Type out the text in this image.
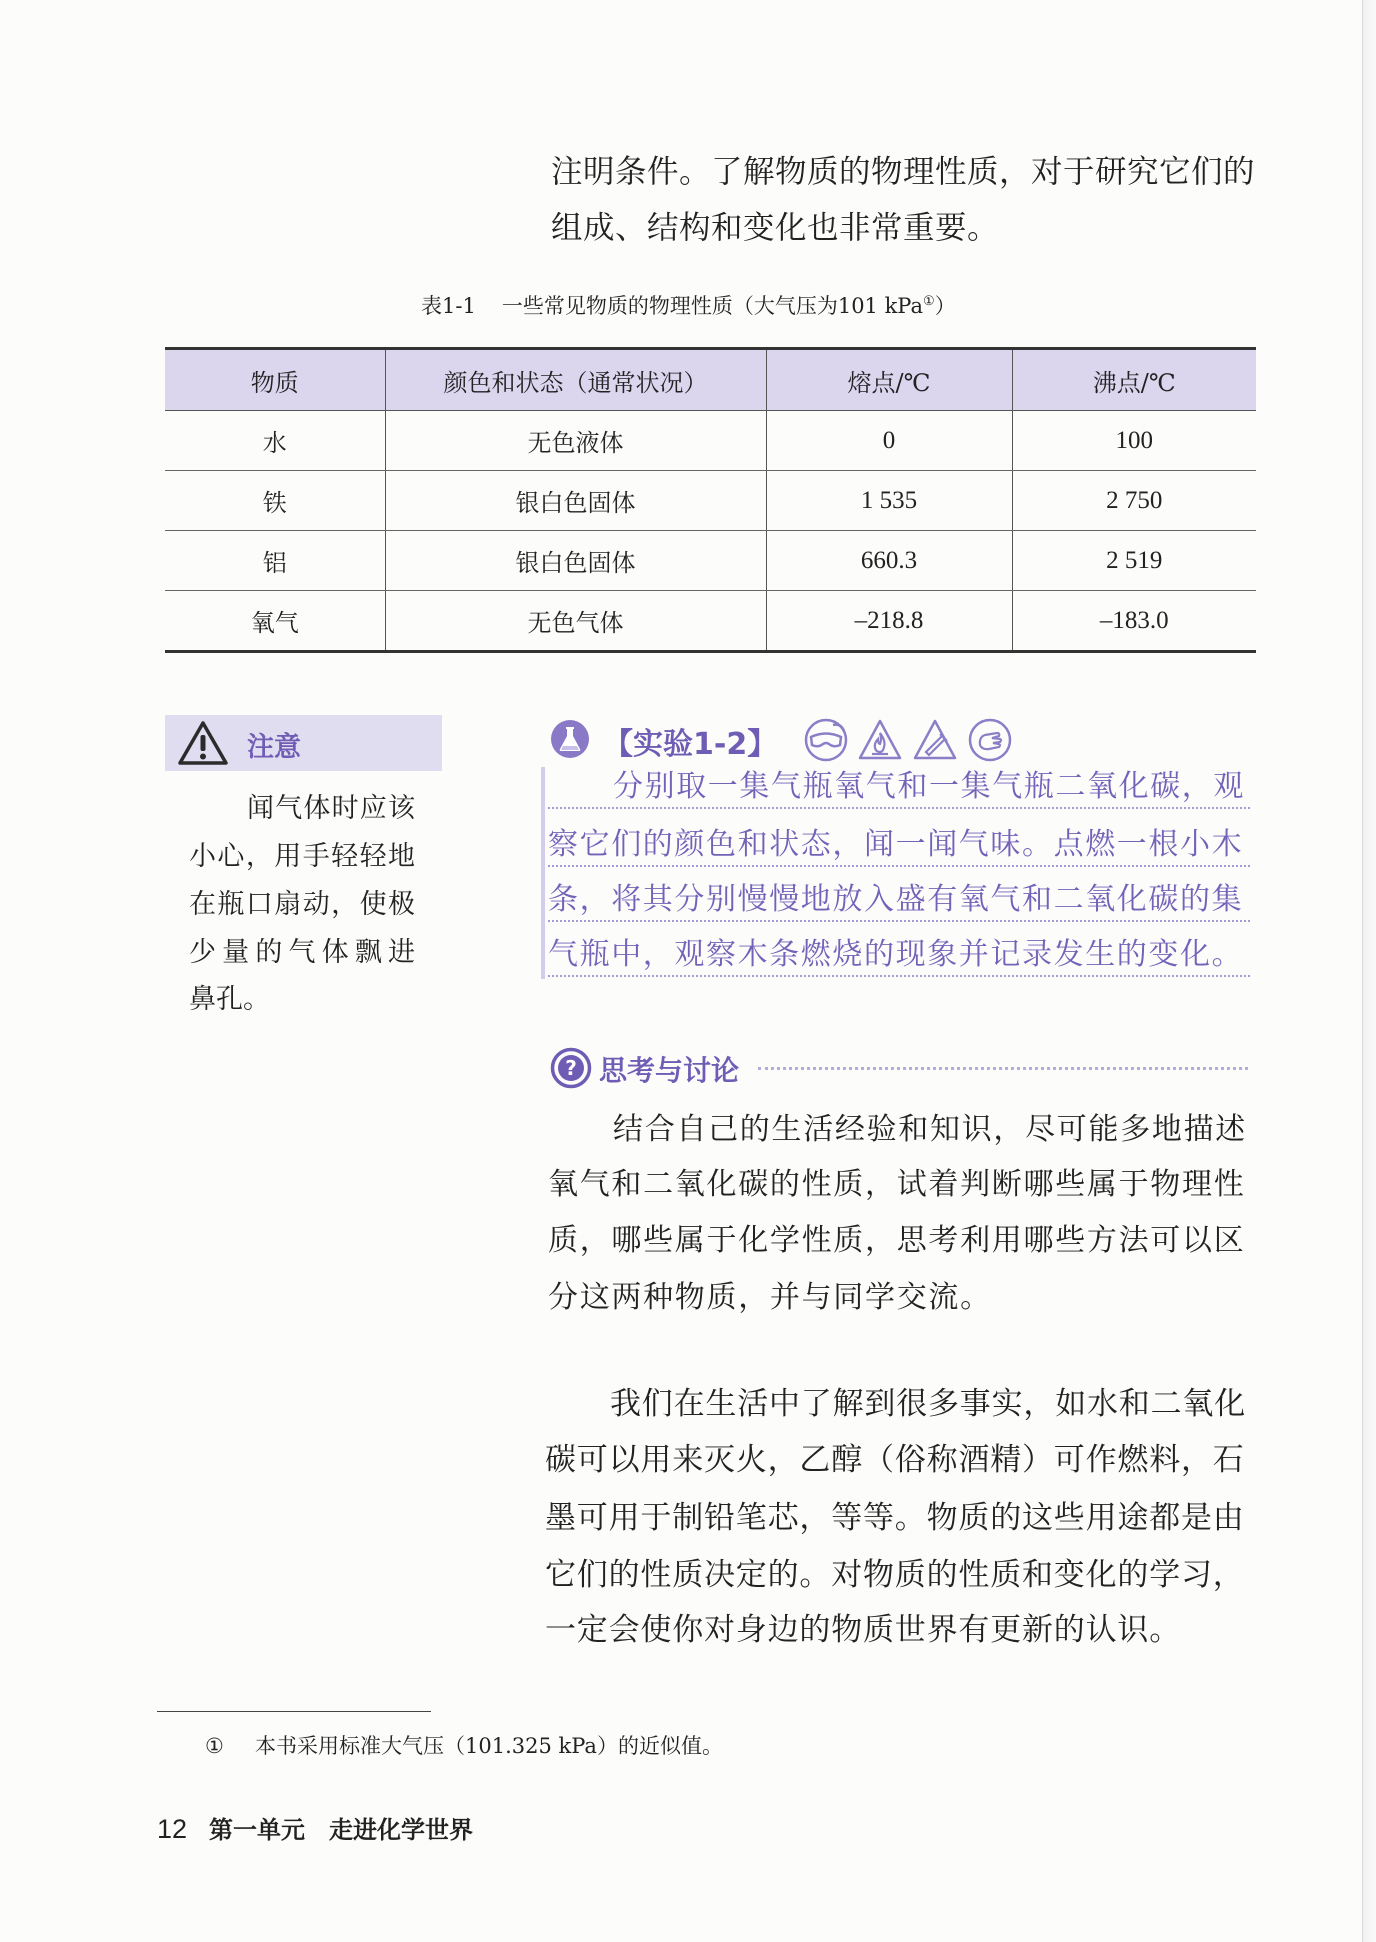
注明条件。了解物质的物理性质，对于研究它们的
组成、结构和变化也非常重要。
表1-1 一些常见物质的物理性质（大气压为101 kPa①）
物质	颜色和状态（通常状况）	熔点/℃	沸点/℃
水	无色液体	0	100
铁	银白色固体	1 535	2 750
铝	银白色固体	660.3	2 519
氧气	无色气体	–218.8	–183.0
注意
闻气体时应该
小心，用手轻轻地
在瓶口扇动，使极
少量的气体飘进
鼻孔。
【实验1-2】
分别取一集气瓶氧气和一集气瓶二氧化碳，观
察它们的颜色和状态，闻一闻气味。点燃一根小木
条，将其分别慢慢地放入盛有氧气和二氧化碳的集
气瓶中，观察木条燃烧的现象并记录发生的变化。
? 思考与讨论
结合自己的生活经验和知识，尽可能多地描述
氧气和二氧化碳的性质，试着判断哪些属于物理性
质，哪些属于化学性质，思考利用哪些方法可以区
分这两种物质，并与同学交流。
我们在生活中了解到很多事实，如水和二氧化
碳可以用来灭火，乙醇（俗称酒精）可作燃料，石
墨可用于制铅笔芯，等等。物质的这些用途都是由
它们的性质决定的。对物质的性质和变化的学习，
一定会使你对身边的物质世界有更新的认识。
① 本书采用标准大气压（101.325 kPa）的近似值。
12 第一单元　走进化学世界
